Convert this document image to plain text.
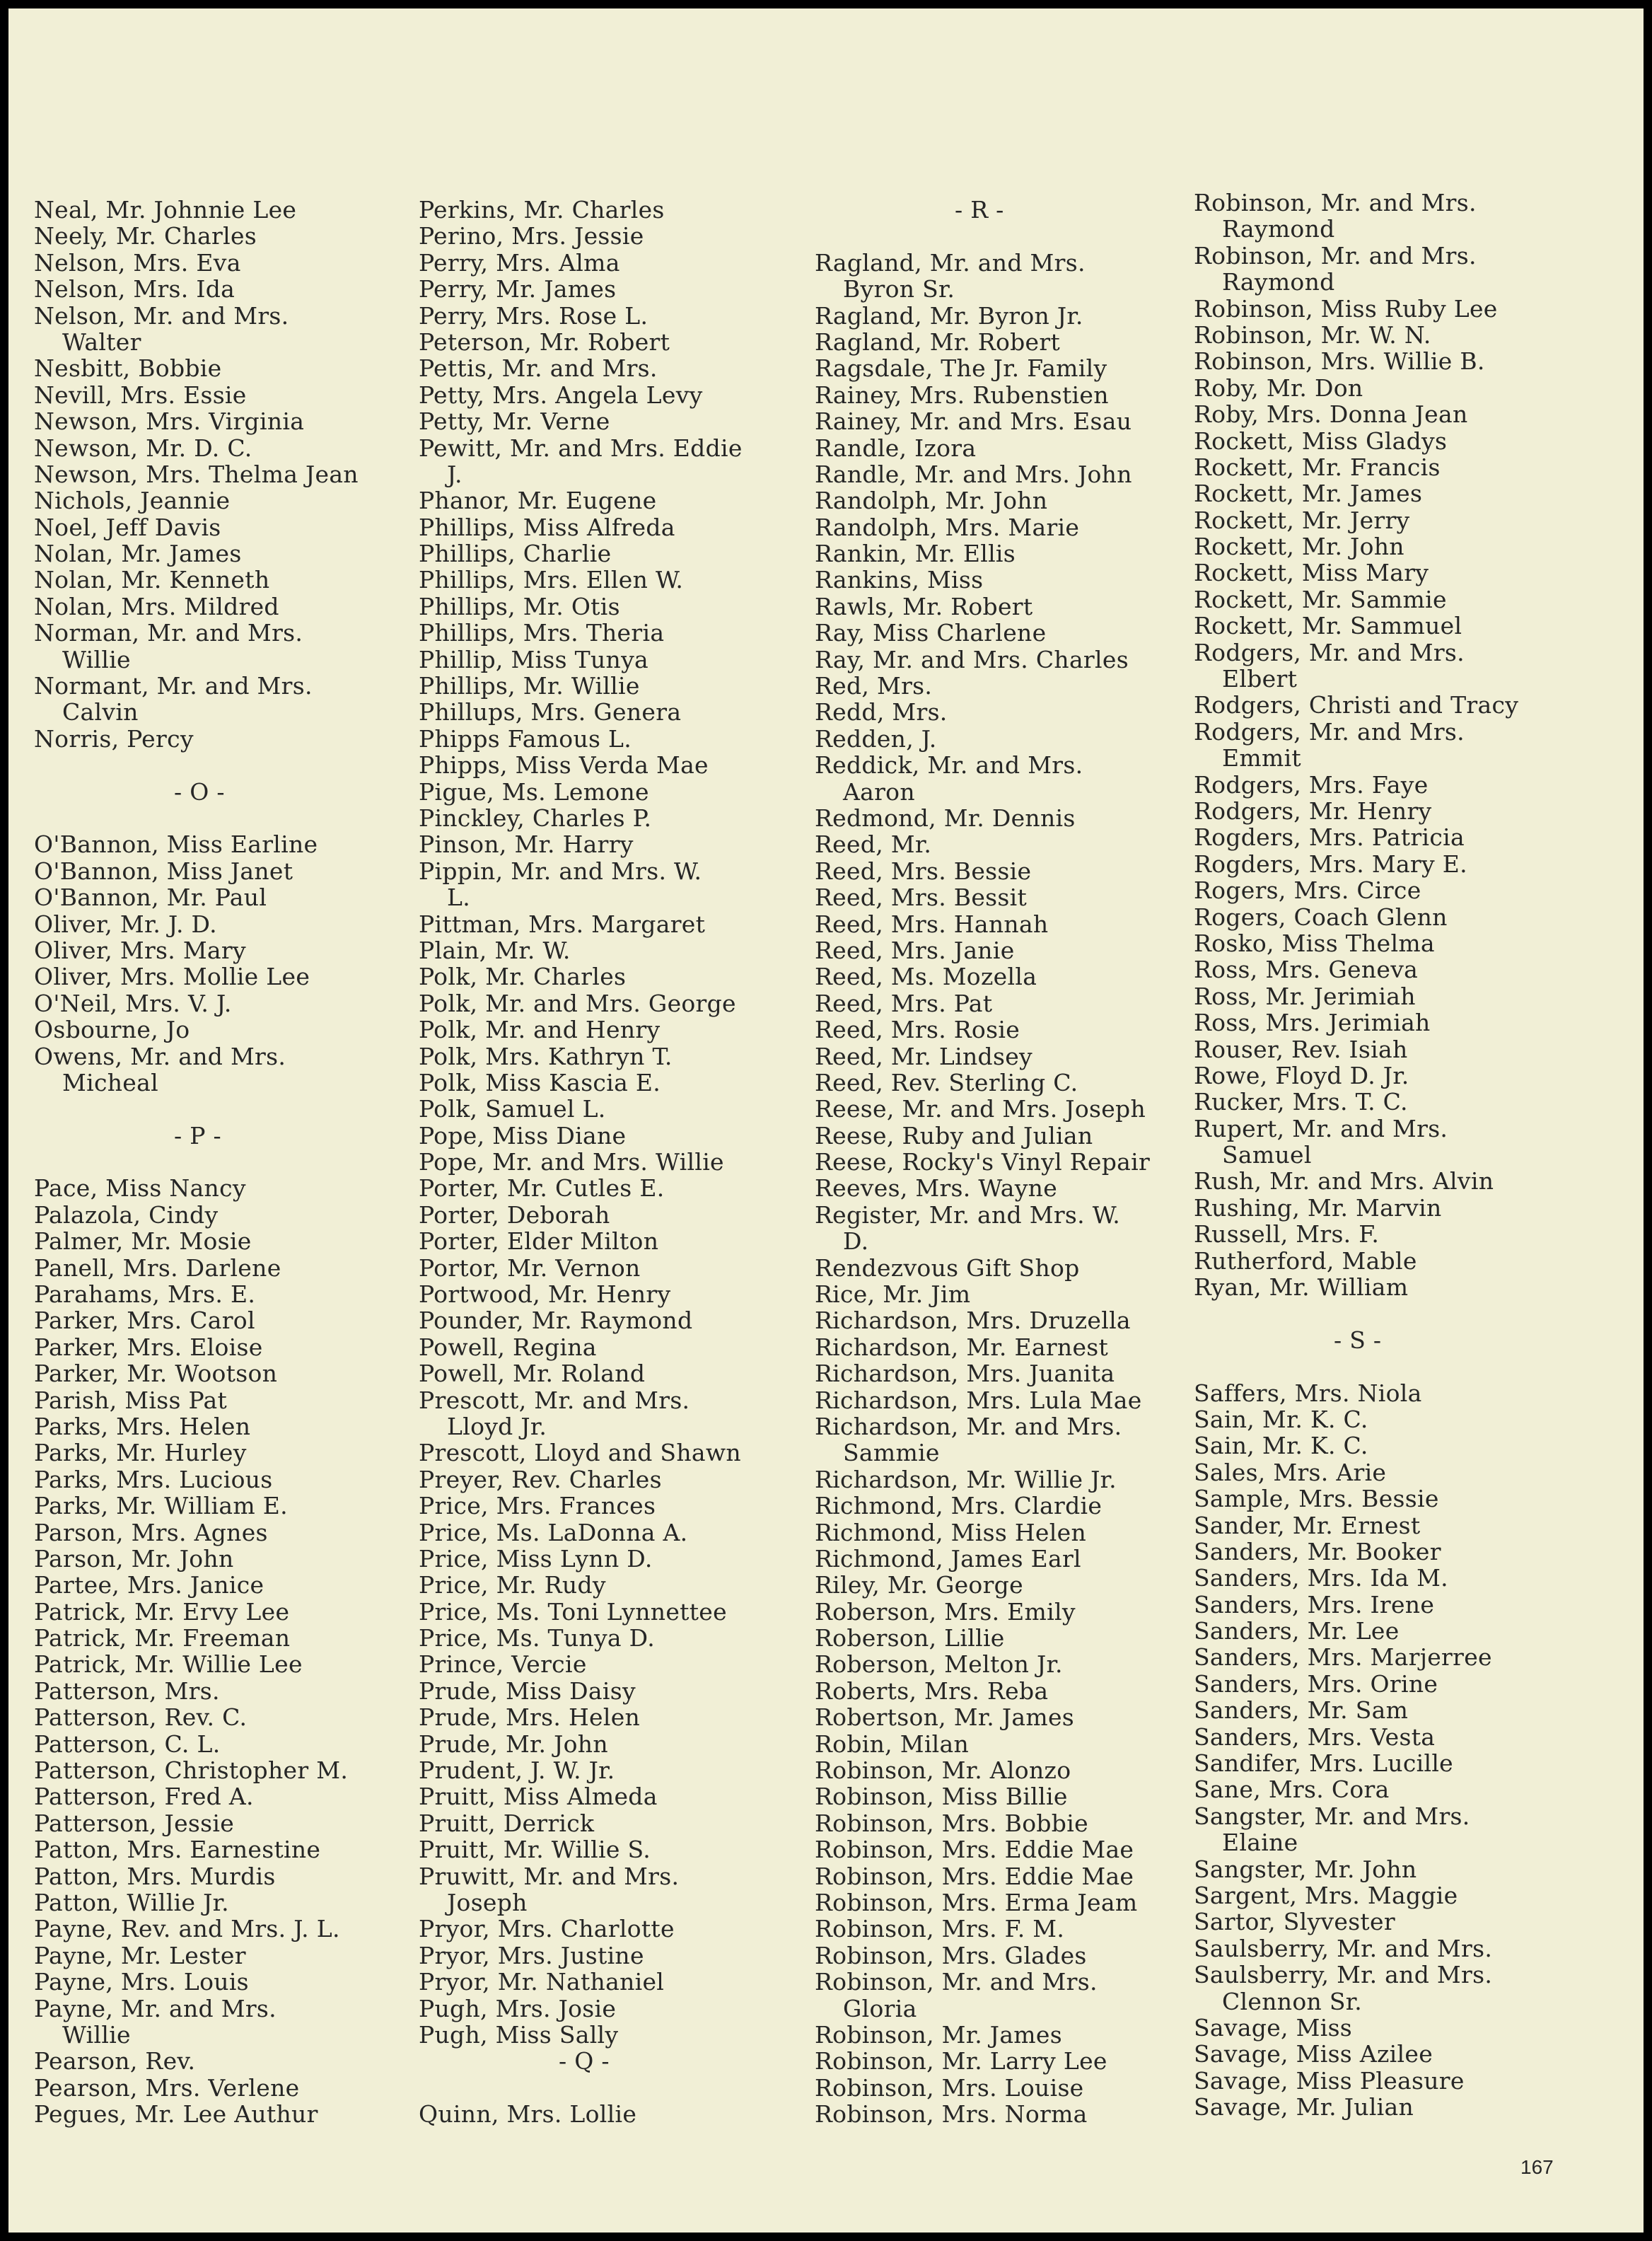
Neal, Mr. Johnnie Lee
Neely, Mr. Charles
Nelson, Mrs. Eva
Nelson, Mrs. Ida
Nelson, Mr. and Mrs.
Walter
Nesbitt, Bobbie
Nevill, Mrs. Essie
Newson, Mrs. Virginia
Newson, Mr. D. C.
Newson, Mrs. Thelma Jean
Nichols, Jeannie
Noel, Jeff Davis
Nolan, Mr. James
Nolan, Mr. Kenneth
Nolan, Mrs. Mildred
Norman, Mr. and Mrs.
Willie
Normant, Mr. and Mrs.
Calvin
Norris, Percy
- O -
O'Bannon, Miss Earline
O'Bannon, Miss Janet
O'Bannon, Mr. Paul
Oliver, Mr. J. D.
Oliver, Mrs. Mary
Oliver, Mrs. Mollie Lee
O'Neil, Mrs. V. J.
Osbourne, Jo
Owens, Mr. and Mrs.
Micheal
- P -
Pace, Miss Nancy
Palazola, Cindy
Palmer, Mr. Mosie
Panell, Mrs. Darlene
Parahams, Mrs. E.
Parker, Mrs. Carol
Parker, Mrs. Eloise
Parker, Mr. Wootson
Parish, Miss Pat
Parks, Mrs. Helen
Parks, Mr. Hurley
Parks, Mrs. Lucious
Parks, Mr. William E.
Parson, Mrs. Agnes
Parson, Mr. John
Partee, Mrs. Janice
Patrick, Mr. Ervy Lee
Patrick, Mr. Freeman
Patrick, Mr. Willie Lee
Patterson, Mrs.
Patterson, Rev. C.
Patterson, C. L.
Patterson, Christopher M.
Patterson, Fred A.
Patterson, Jessie
Patton, Mrs. Earnestine
Patton, Mrs. Murdis
Patton, Willie Jr.
Payne, Rev. and Mrs. J. L.
Payne, Mr. Lester
Payne, Mrs. Louis
Payne, Mr. and Mrs.
Willie
Pearson, Rev.
Pearson, Mrs. Verlene
Pegues, Mr. Lee Authur
Perkins, Mr. Charles
Perino, Mrs. Jessie
Perry, Mrs. Alma
Perry, Mr. James
Perry, Mrs. Rose L.
Peterson, Mr. Robert
Pettis, Mr. and Mrs.
Petty, Mrs. Angela Levy
Petty, Mr. Verne
Pewitt, Mr. and Mrs. Eddie
J.
Phanor, Mr. Eugene
Phillips, Miss Alfreda
Phillips, Charlie
Phillips, Mrs. Ellen W.
Phillips, Mr. Otis
Phillips, Mrs. Theria
Phillip, Miss Tunya
Phillips, Mr. Willie
Phillups, Mrs. Genera
Phipps Famous L.
Phipps, Miss Verda Mae
Pigue, Ms. Lemone
Pinckley, Charles P.
Pinson, Mr. Harry
Pippin, Mr. and Mrs. W.
L.
Pittman, Mrs. Margaret
Plain, Mr. W.
Polk, Mr. Charles
Polk, Mr. and Mrs. George
Polk, Mr. and Henry
Polk, Mrs. Kathryn T.
Polk, Miss Kascia E.
Polk, Samuel L.
Pope, Miss Diane
Pope, Mr. and Mrs. Willie
Porter, Mr. Cutles E.
Porter, Deborah
Porter, Elder Milton
Portor, Mr. Vernon
Portwood, Mr. Henry
Pounder, Mr. Raymond
Powell, Regina
Powell, Mr. Roland
Prescott, Mr. and Mrs.
Lloyd Jr.
Prescott, Lloyd and Shawn
Preyer, Rev. Charles
Price, Mrs. Frances
Price, Ms. LaDonna A.
Price, Miss Lynn D.
Price, Mr. Rudy
Price, Ms. Toni Lynnettee
Price, Ms. Tunya D.
Prince, Vercie
Prude, Miss Daisy
Prude, Mrs. Helen
Prude, Mr. John
Prudent, J. W. Jr.
Pruitt, Miss Almeda
Pruitt, Derrick
Pruitt, Mr. Willie S.
Pruwitt, Mr. and Mrs.
Joseph
Pryor, Mrs. Charlotte
Pryor, Mrs. Justine
Pryor, Mr. Nathaniel
Pugh, Mrs. Josie
Pugh, Miss Sally
- Q -
Quinn, Mrs. Lollie
- R -
Ragland, Mr. and Mrs.
Byron Sr.
Ragland, Mr. Byron Jr.
Ragland, Mr. Robert
Ragsdale, The Jr. Family
Rainey, Mrs. Rubenstien
Rainey, Mr. and Mrs. Esau
Randle, Izora
Randle, Mr. and Mrs. John
Randolph, Mr. John
Randolph, Mrs. Marie
Rankin, Mr. Ellis
Rankins, Miss
Rawls, Mr. Robert
Ray, Miss Charlene
Ray, Mr. and Mrs. Charles
Red, Mrs.
Redd, Mrs.
Redden, J.
Reddick, Mr. and Mrs.
Aaron
Redmond, Mr. Dennis
Reed, Mr.
Reed, Mrs. Bessie
Reed, Mrs. Bessit
Reed, Mrs. Hannah
Reed, Mrs. Janie
Reed, Ms. Mozella
Reed, Mrs. Pat
Reed, Mrs. Rosie
Reed, Mr. Lindsey
Reed, Rev. Sterling C.
Reese, Mr. and Mrs. Joseph
Reese, Ruby and Julian
Reese, Rocky's Vinyl Repair
Reeves, Mrs. Wayne
Register, Mr. and Mrs. W.
D.
Rendezvous Gift Shop
Rice, Mr. Jim
Richardson, Mrs. Druzella
Richardson, Mr. Earnest
Richardson, Mrs. Juanita
Richardson, Mrs. Lula Mae
Richardson, Mr. and Mrs.
Sammie
Richardson, Mr. Willie Jr.
Richmond, Mrs. Clardie
Richmond, Miss Helen
Richmond, James Earl
Riley, Mr. George
Roberson, Mrs. Emily
Roberson, Lillie
Roberson, Melton Jr.
Roberts, Mrs. Reba
Robertson, Mr. James
Robin, Milan
Robinson, Mr. Alonzo
Robinson, Miss Billie
Robinson, Mrs. Bobbie
Robinson, Mrs. Eddie Mae
Robinson, Mrs. Eddie Mae
Robinson, Mrs. Erma Jeam
Robinson, Mrs. F. M.
Robinson, Mrs. Glades
Robinson, Mr. and Mrs.
Gloria
Robinson, Mr. James
Robinson, Mr. Larry Lee
Robinson, Mrs. Louise
Robinson, Mrs. Norma
Robinson, Mr. and Mrs.
Raymond
Robinson, Mr. and Mrs.
Raymond
Robinson, Miss Ruby Lee
Robinson, Mr. W. N.
Robinson, Mrs. Willie B.
Roby, Mr. Don
Roby, Mrs. Donna Jean
Rockett, Miss Gladys
Rockett, Mr. Francis
Rockett, Mr. James
Rockett, Mr. Jerry
Rockett, Mr. John
Rockett, Miss Mary
Rockett, Mr. Sammie
Rockett, Mr. Sammuel
Rodgers, Mr. and Mrs.
Elbert
Rodgers, Christi and Tracy
Rodgers, Mr. and Mrs.
Emmit
Rodgers, Mrs. Faye
Rodgers, Mr. Henry
Rogders, Mrs. Patricia
Rogders, Mrs. Mary E.
Rogers, Mrs. Circe
Rogers, Coach Glenn
Rosko, Miss Thelma
Ross, Mrs. Geneva
Ross, Mr. Jerimiah
Ross, Mrs. Jerimiah
Rouser, Rev. Isiah
Rowe, Floyd D. Jr.
Rucker, Mrs. T. C.
Rupert, Mr. and Mrs.
Samuel
Rush, Mr. and Mrs. Alvin
Rushing, Mr. Marvin
Russell, Mrs. F.
Rutherford, Mable
Ryan, Mr. William
- S -
Saffers, Mrs. Niola
Sain, Mr. K. C.
Sain, Mr. K. C.
Sales, Mrs. Arie
Sample, Mrs. Bessie
Sander, Mr. Ernest
Sanders, Mr. Booker
Sanders, Mrs. Ida M.
Sanders, Mrs. Irene
Sanders, Mr. Lee
Sanders, Mrs. Marjerree
Sanders, Mrs. Orine
Sanders, Mr. Sam
Sanders, Mrs. Vesta
Sandifer, Mrs. Lucille
Sane, Mrs. Cora
Sangster, Mr. and Mrs.
Elaine
Sangster, Mr. John
Sargent, Mrs. Maggie
Sartor, Slyvester
Saulsberry, Mr. and Mrs.
Saulsberry, Mr. and Mrs.
Clennon Sr.
Savage, Miss
Savage, Miss Azilee
Savage, Miss Pleasure
Savage, Mr. Julian
167
